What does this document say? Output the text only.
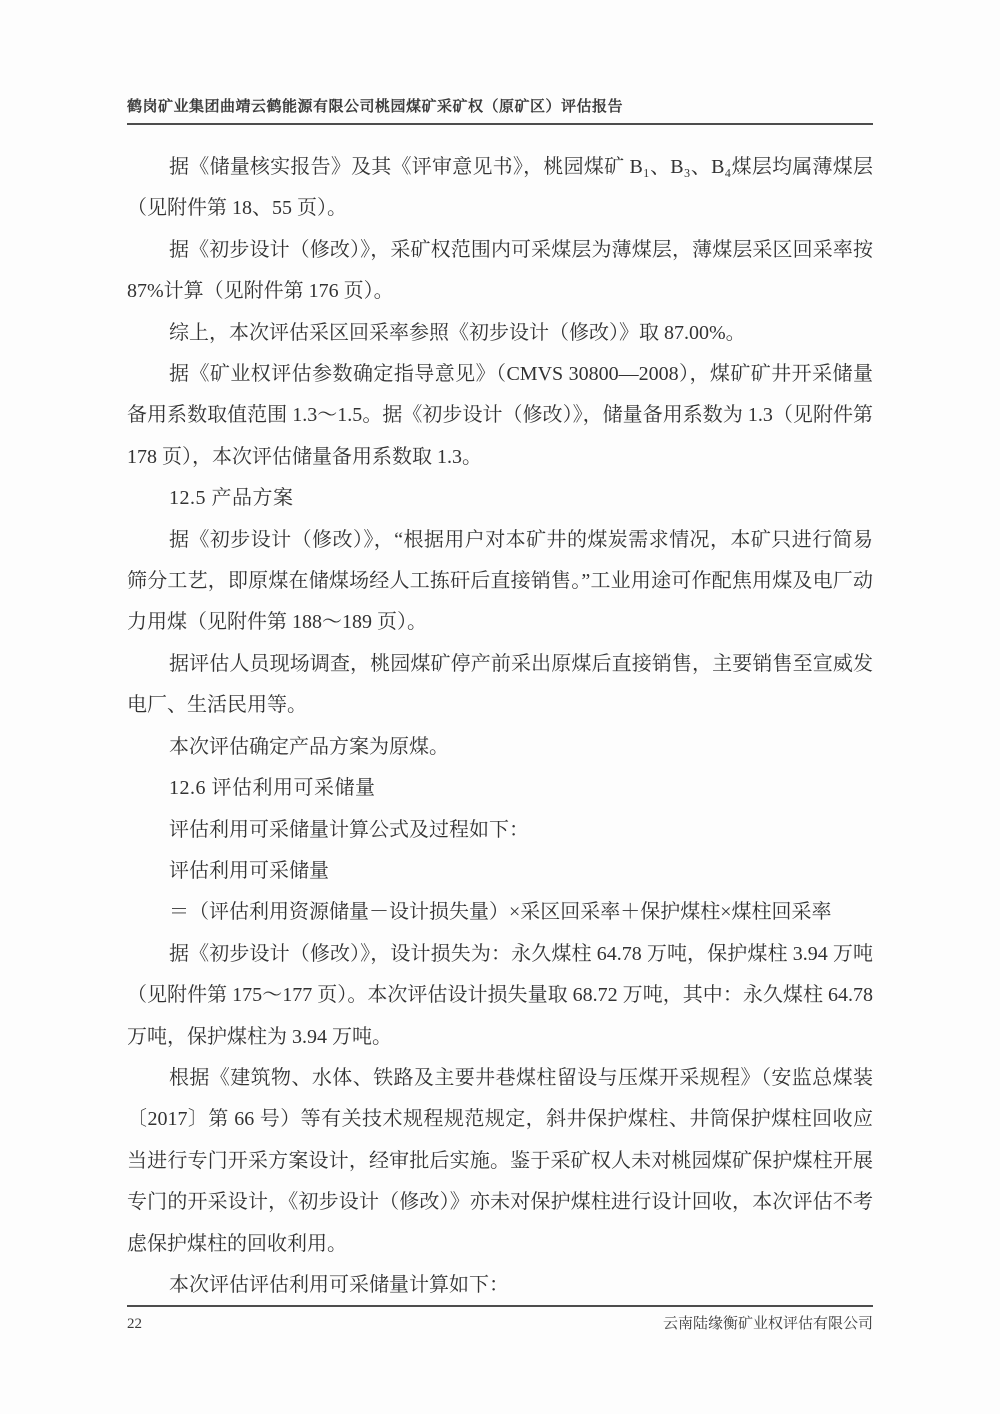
鹤岗矿业集团曲靖云鹤能源有限公司桃园煤矿采矿权（原矿区）评估报告

据《储量核实报告》及其《评审意见书》，桃园煤矿 B₁、B₃、B₄煤层均属薄煤层（见附件第 18、55 页）。

据《初步设计（修改）》，采矿权范围内可采煤层为薄煤层，薄煤层采区回采率按 87%计算（见附件第 176 页）。

综上，本次评估采区回采率参照《初步设计（修改）》取 87.00%。

据《矿业权评估参数确定指导意见》（CMVS 30800—2008），煤矿矿井开采储量备用系数取值范围 1.3～1.5。据《初步设计（修改）》，储量备用系数为 1.3（见附件第 178 页），本次评估储量备用系数取 1.3。

12.5 产品方案

据《初步设计（修改）》，“根据用户对本矿井的煤炭需求情况，本矿只进行简易筛分工艺，即原煤在储煤场经人工拣矸后直接销售。”工业用途可作配焦用煤及电厂动力用煤（见附件第 188～189 页）。

据评估人员现场调查，桃园煤矿停产前采出原煤后直接销售，主要销售至宣威发电厂、生活民用等。

本次评估确定产品方案为原煤。

12.6 评估利用可采储量

评估利用可采储量计算公式及过程如下：

评估利用可采储量

＝（评估利用资源储量－设计损失量）×采区回采率＋保护煤柱×煤柱回采率

据《初步设计（修改）》，设计损失为：永久煤柱 64.78 万吨，保护煤柱 3.94 万吨（见附件第 175～177 页）。本次评估设计损失量取 68.72 万吨，其中：永久煤柱 64.78 万吨，保护煤柱为 3.94 万吨。

根据《建筑物、水体、铁路及主要井巷煤柱留设与压煤开采规程》（安监总煤装〔2017〕第 66 号）等有关技术规程规范规定，斜井保护煤柱、井筒保护煤柱回收应当进行专门开采方案设计，经审批后实施。鉴于采矿权人未对桃园煤矿保护煤柱开展专门的开采设计，《初步设计（修改）》亦未对保护煤柱进行设计回收，本次评估不考虑保护煤柱的回收利用。

本次评估评估利用可采储量计算如下：

22	云南陆缘衡矿业权评估有限公司
